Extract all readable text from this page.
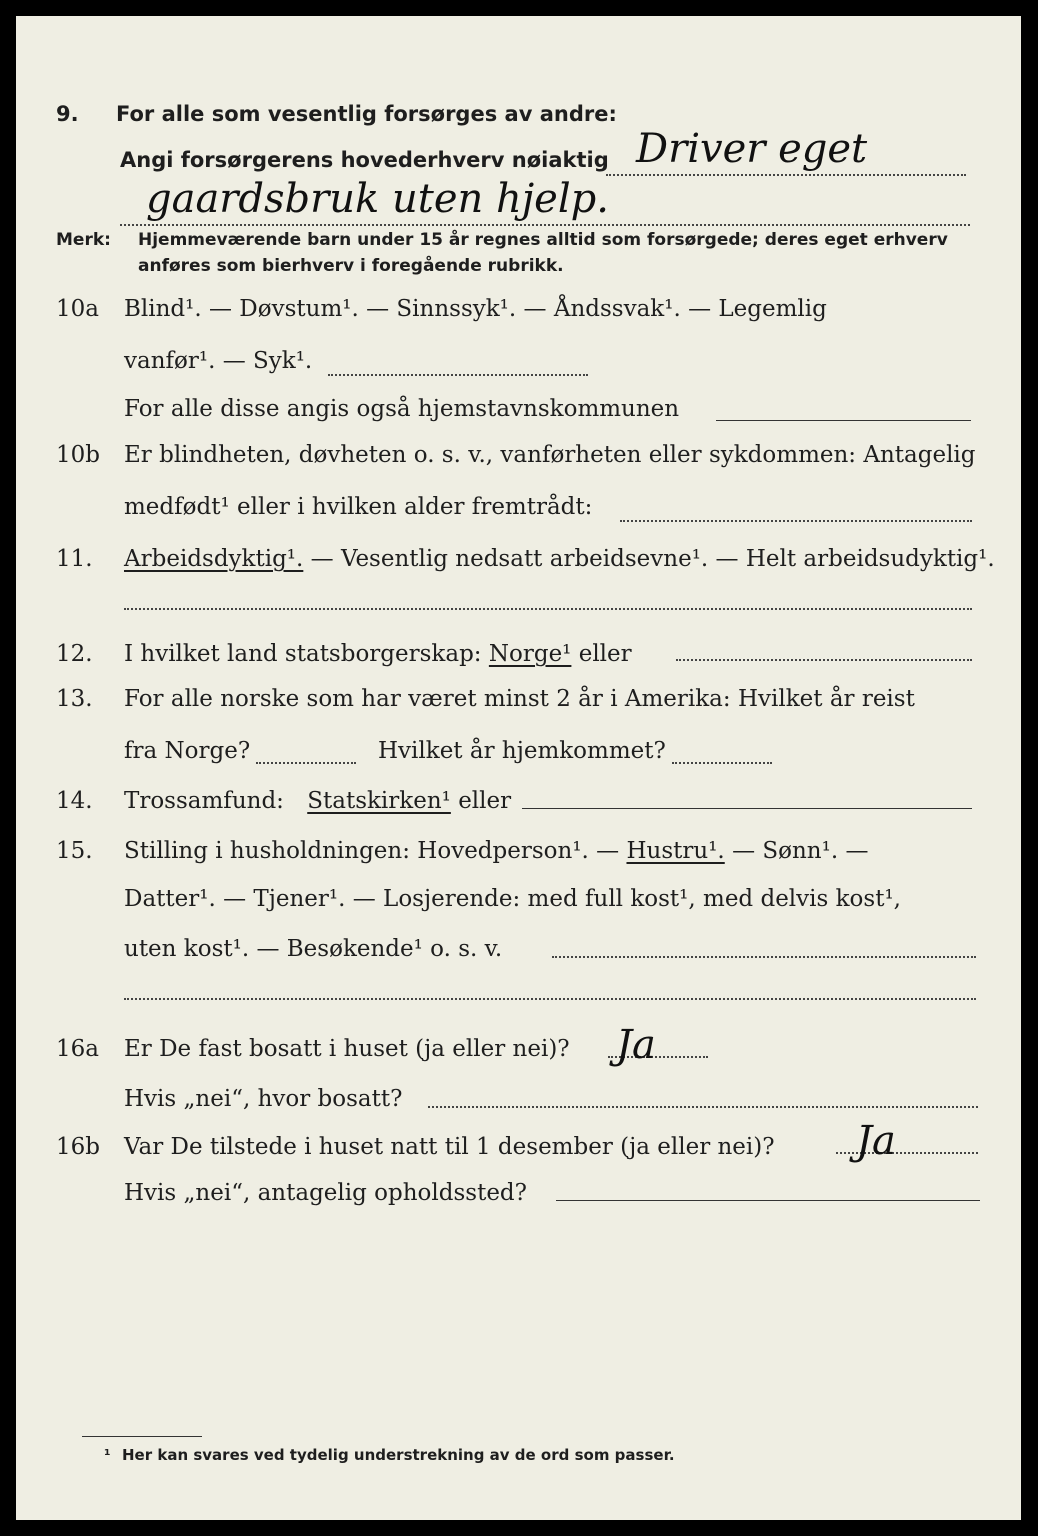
9. For alle som vesentlig forsørges av andre:
Angi forsørgerens hovederhverv nøiaktig Driver eget
gaardsbruk uten hjelp.
Merk: Hjemmeværende barn under 15 år regnes alltid som forsørgede; deres eget erhverv
anføres som bierhverv i foregående rubrikk.
10a Blind¹. — Døvstum¹. — Sinnssyk¹. — Åndssvak¹. — Legemlig
vanfør¹. — Syk¹.
For alle disse angis også hjemstavnskommunen
10b Er blindheten, døvheten o. s. v., vanførheten eller sykdommen: Antagelig
medfødt¹ eller i hvilken alder fremtrådt:
11. Arbeidsdyktig¹. — Vesentlig nedsatt arbeidsevne¹. — Helt arbeidsudyktig¹.
12. I hvilket land statsborgerskap: Norge¹ eller
13. For alle norske som har været minst 2 år i Amerika: Hvilket år reist
fra Norge?	Hvilket år hjemkommet?
14. Trossamfund: Statskirken¹ eller
15. Stilling i husholdningen: Hovedperson¹. — Hustru¹. — Sønn¹. —
Datter¹. — Tjener¹. — Losjerende: med full kost¹, med delvis kost¹,
uten kost¹. — Besøkende¹ o. s. v.
16a Er De fast bosatt i huset (ja eller nei)? Ja
Hvis „nei“, hvor bosatt?
16b Var De tilstede i huset natt til 1 desember (ja eller nei)? Ja
Hvis „nei“, antagelig opholdssted?
¹ Her kan svares ved tydelig understrekning av de ord som passer.
